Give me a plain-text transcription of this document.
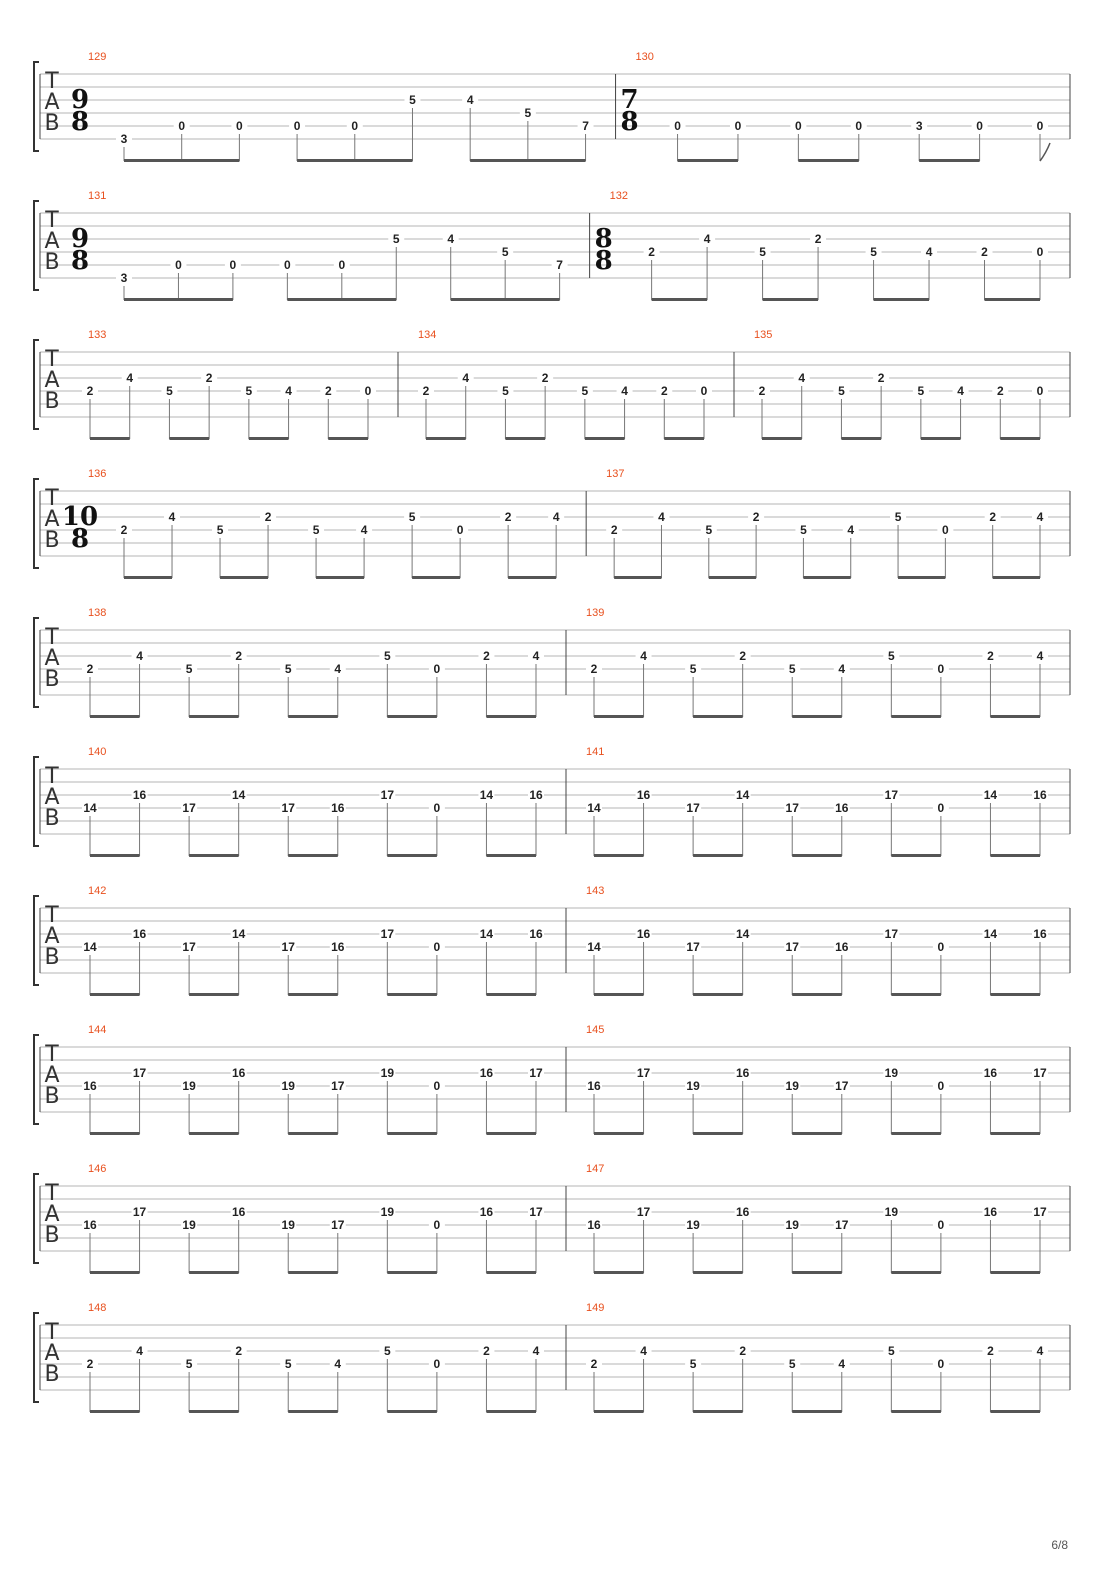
T
A
B
129
9
8
3
0	0	0	0
5	4
5
7
130
7
8	0	0	0	0	3	0	0
T
A
B
131
9
8
3
0	0	0	0
5	4
5
7
132
8
8	2
4
5
2
5	4	2	0
T
A
B
133
2
4
5
2
5	4	2	0
134
2
4
5
2
5	4	2	0
135
2
4
5
2
5	4	2	0
T
A
B
136
10
8	2
4
5
2
5	4
5
0
2	4
137
2
4
5
2
5	4
5
0
2	4
T
A
B
138
2
4
5
2
5	4
5
0
2	4
139
2
4
5
2
5	4
5
0
2	4
T
A
B
140
14
16
17
14
17	16
17
0
14	16
141
14
16
17
14
17	16
17
0
14	16
T
A
B
142
14
16
17
14
17	16
17
0
14	16
143
14
16
17
14
17	16
17
0
14	16
T
A
B
144
16
17
19
16
19	17
19
0
16	17
145
16
17
19
16
19	17
19
0
16	17
T
A
B
146
16
17
19
16
19	17
19
0
16	17
147
16
17
19
16
19	17
19
0
16	17
T
A
B
148
2
4
5
2
5	4
5
0
2	4
149
2
4
5
2
5	4
5
0
2	4
6/8
